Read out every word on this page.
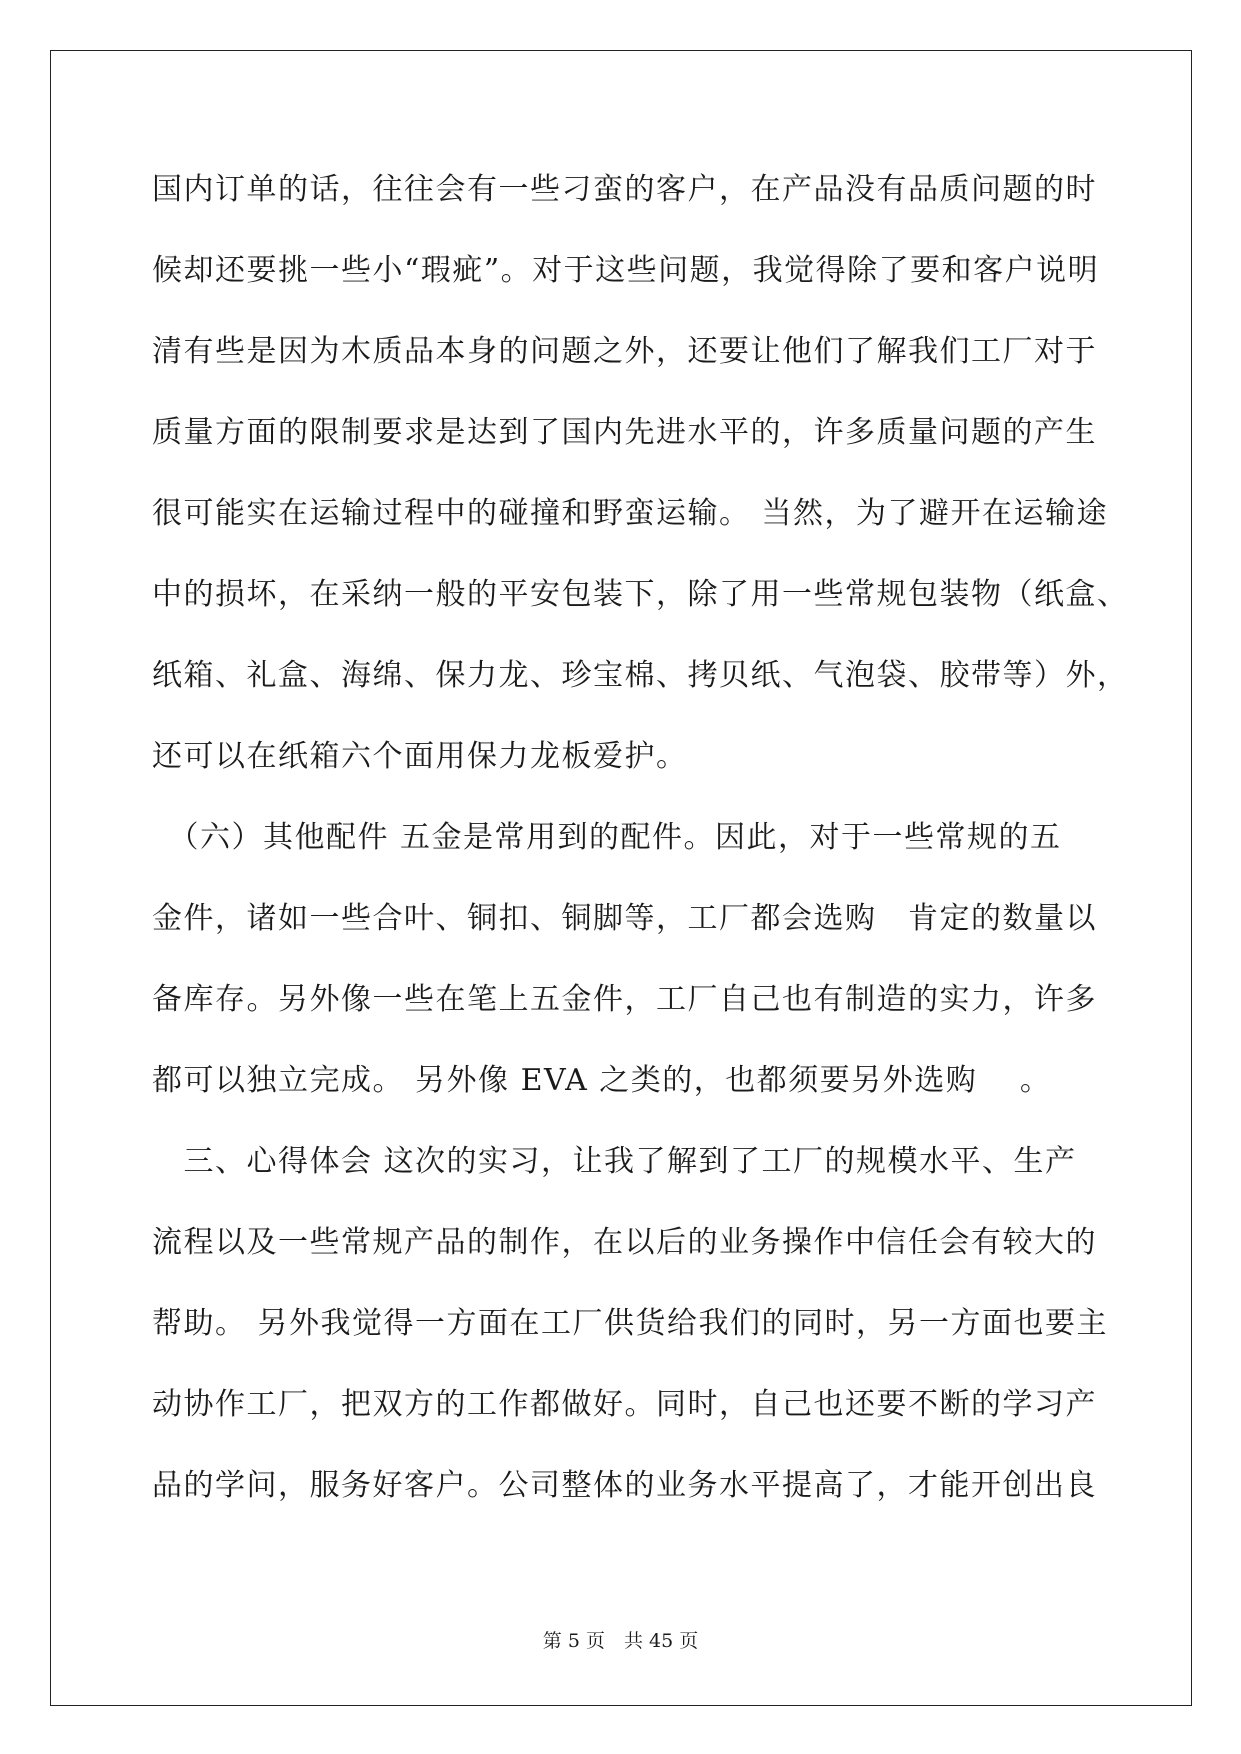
国内订单的话，往往会有一些刁蛮的客户，在产品没有品质问题的时
候却还要挑一些小“瑕疵”。对于这些问题，我觉得除了要和客户说明
清有些是因为木质品本身的问题之外，还要让他们了解我们工厂对于
质量方面的限制要求是达到了国内先进水平的，许多质量问题的产生
很可能实在运输过程中的碰撞和野蛮运输。 当然，为了避开在运输途
中的损坏，在采纳一般的平安包装下，除了用一些常规包装物（纸盒、
纸箱、礼盒、海绵、保力龙、珍宝棉、拷贝纸、气泡袋、胶带等）外，
还可以在纸箱六个面用保力龙板爱护。
　（六）其他配件 五金是常用到的配件。因此，对于一些常规的五
金件，诸如一些合叶、铜扣、铜脚等，工厂都会选购　肯定的数量以
备库存。另外像一些在笔上五金件，工厂自己也有制造的实力，许多
都可以独立完成。 另外像 EVA 之类的，也都须要另外选购　 。
　三、心得体会 这次的实习，让我了解到了工厂的规模水平、生产
流程以及一些常规产品的制作，在以后的业务操作中信任会有较大的
帮助。 另外我觉得一方面在工厂供货给我们的同时，另一方面也要主
动协作工厂，把双方的工作都做好。同时，自己也还要不断的学习产
品的学问，服务好客户。公司整体的业务水平提高了，才能开创出良
第 5 页　共 45 页
